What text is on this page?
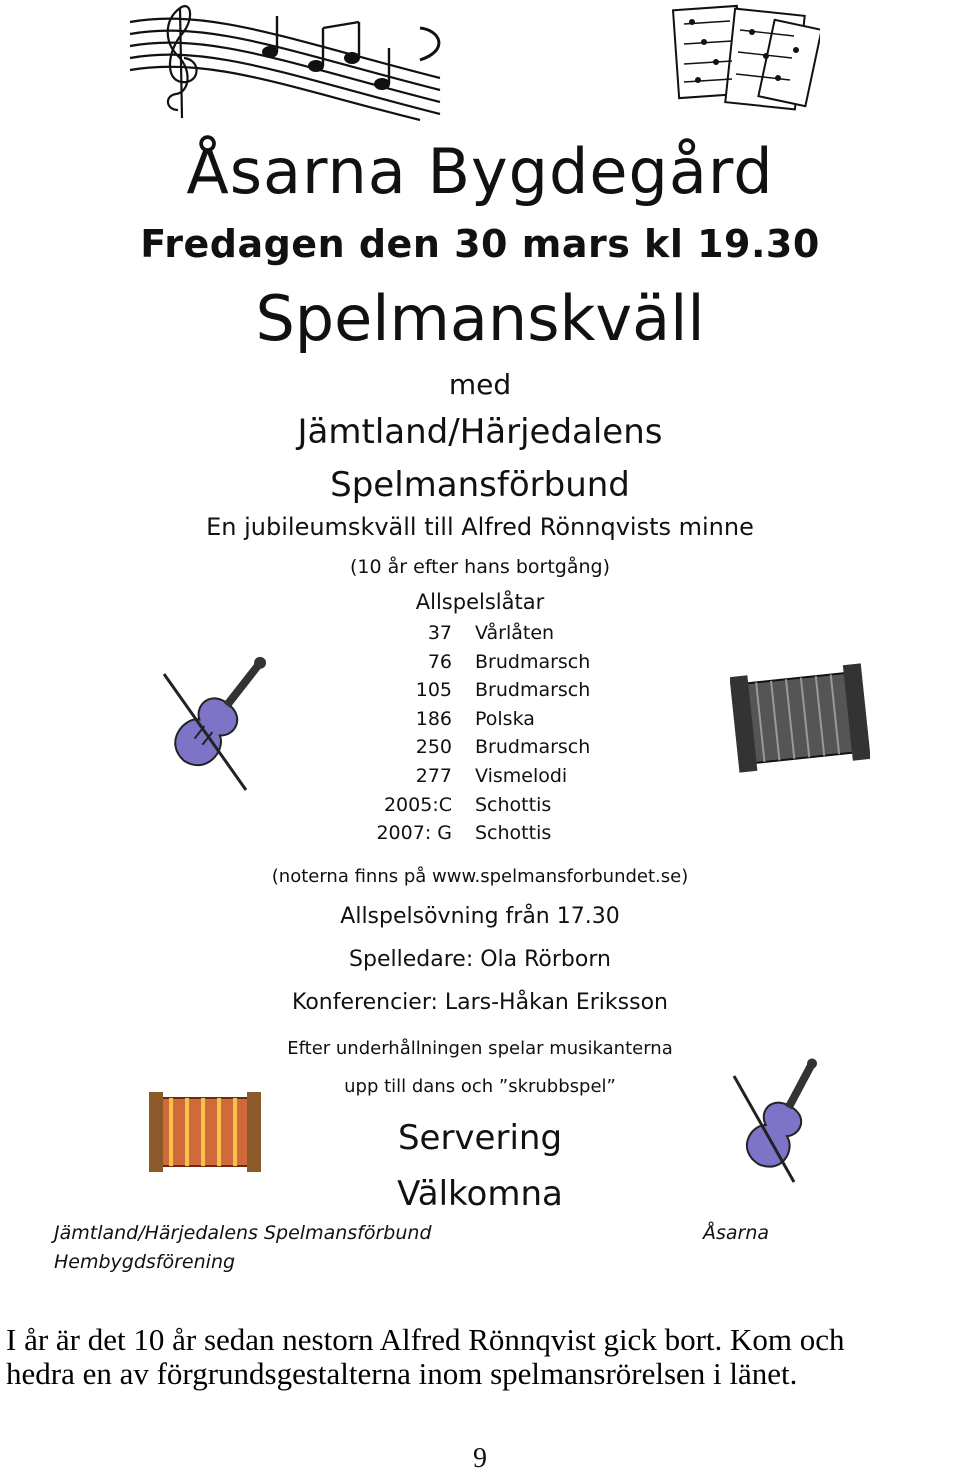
Åsarna Bygdegård
Fredagen den 30 mars kl 19.30
Spelmanskväll
med
Jämtland/Härjedalens
Spelmansförbund
En jubileumskväll till Alfred Rönnqvists minne
(10 år efter hans bortgång)
Allspelslåtar
37 Vårlåten
76 Brudmarsch
105 Brudmarsch
186 Polska
250 Brudmarsch
277 Vismelodi
2005:C Schottis
2007: G Schottis
(noterna finns på www.spelmansforbundet.se)
Allspelsövning från 17.30
Spelledare: Ola Rörborn
Konferencier: Lars-Håkan Eriksson
Efter underhållningen spelar musikanterna
upp till dans och ”skrubbspel”
Servering
Välkomna
Jämtland/Härjedalens Spelmansförbund
Hembygdsförening
Åsarna
I år är det 10 år sedan nestorn Alfred Rönnqvist gick bort. Kom och
hedra en av förgrundsgestalterna inom spelmansrörelsen i länet.
9
